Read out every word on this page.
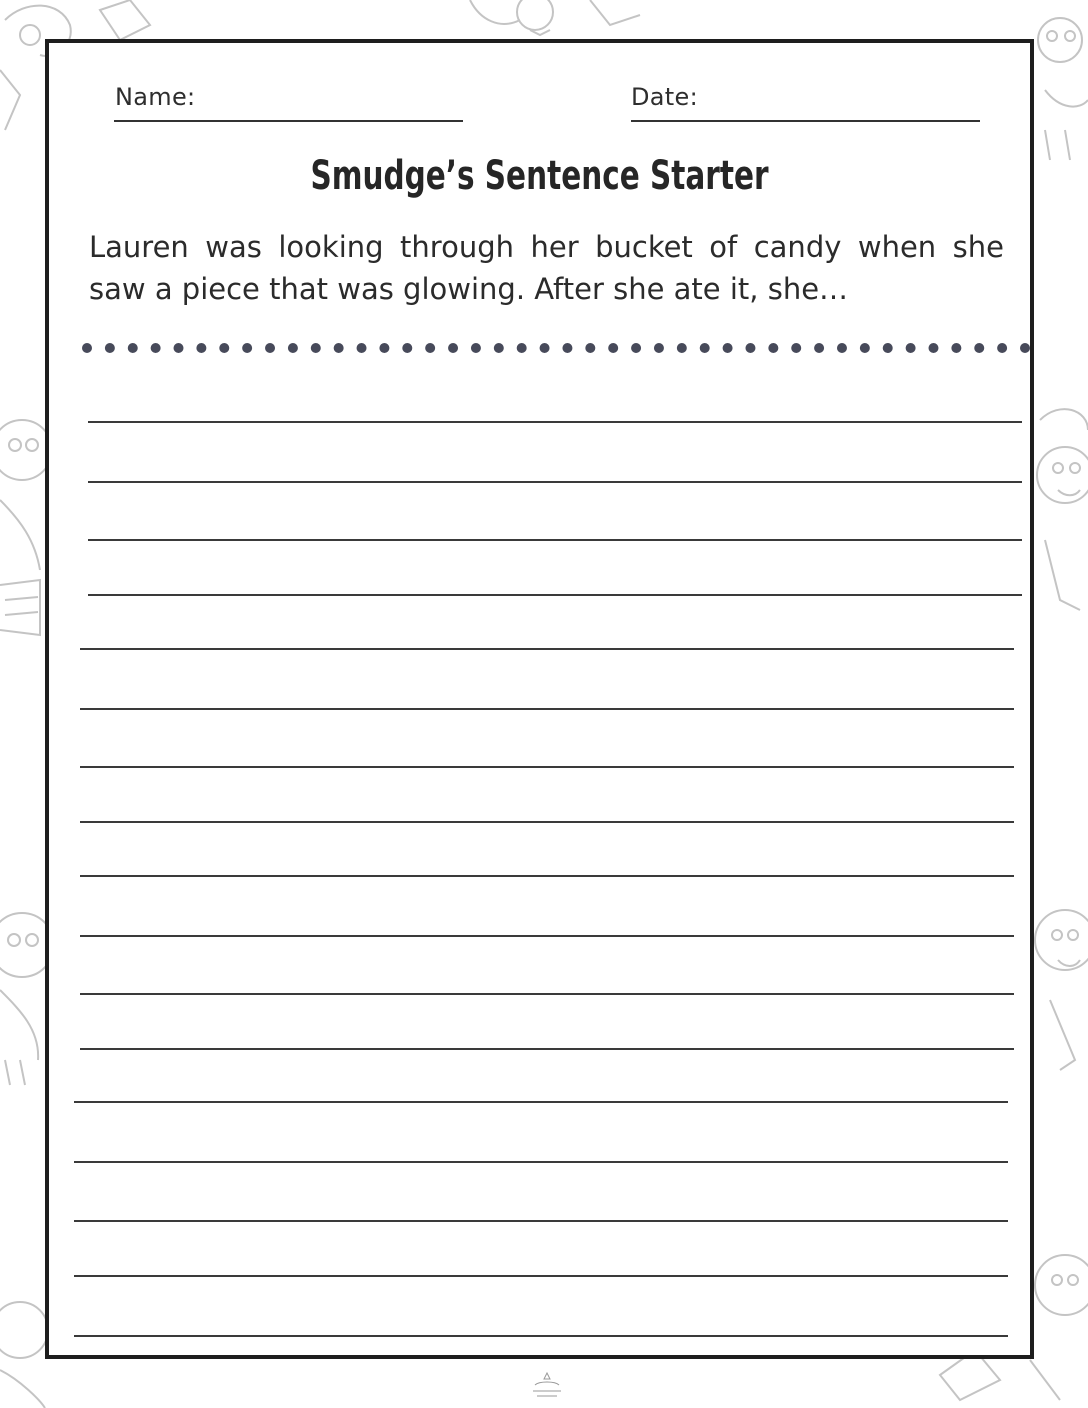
Name:	Date:
Smudge’s Sentence Starter
Lauren was looking through her bucket of candy when she saw a piece that was glowing. After she ate it, she…
